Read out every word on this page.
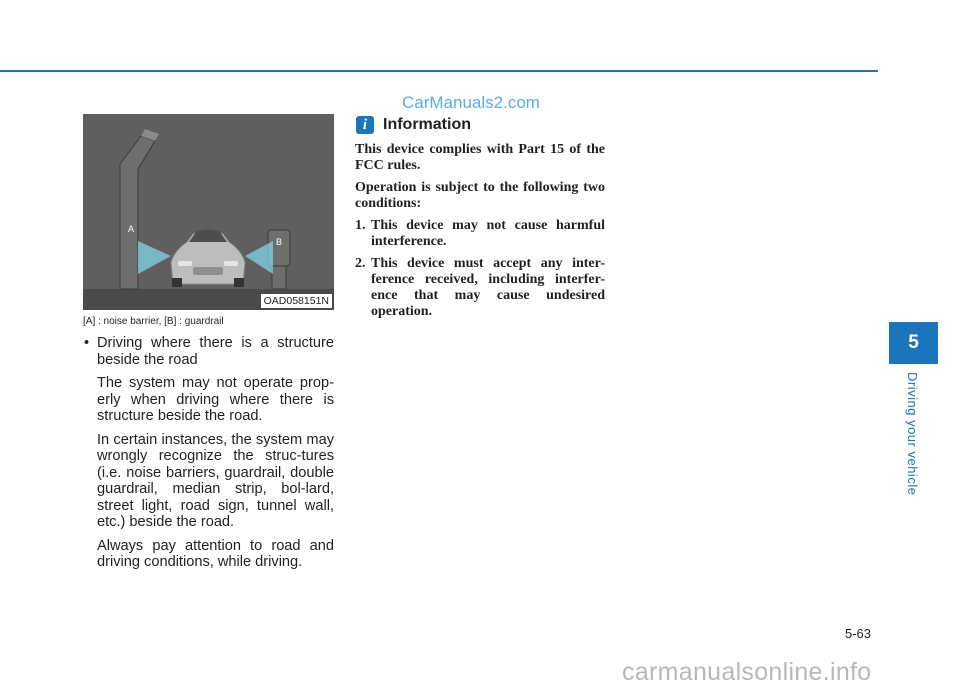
CarManuals2.com
A
B
OAD058151N
[A] : noise barrier, [B] : guardrail
• Driving where there is a structure beside the road
The system may not operate prop-erly when driving where there is structure beside the road.
In certain instances, the system may wrongly recognize the struc-tures (i.e. noise barriers, guardrail, double guardrail, median strip, bol-lard, street light, road sign, tunnel wall, etc.) beside the road.
Always pay attention to road and driving conditions, while driving.
i Information

This device complies with Part 15 of the FCC rules.

Operation is subject to the following two conditions:

1. This device may not cause harmful interference.
2. This device must accept any inter-ference received, including interfer-ence that may cause undesired operation.
5
Driving your vehicle
5-63
carmanualsonline.info
